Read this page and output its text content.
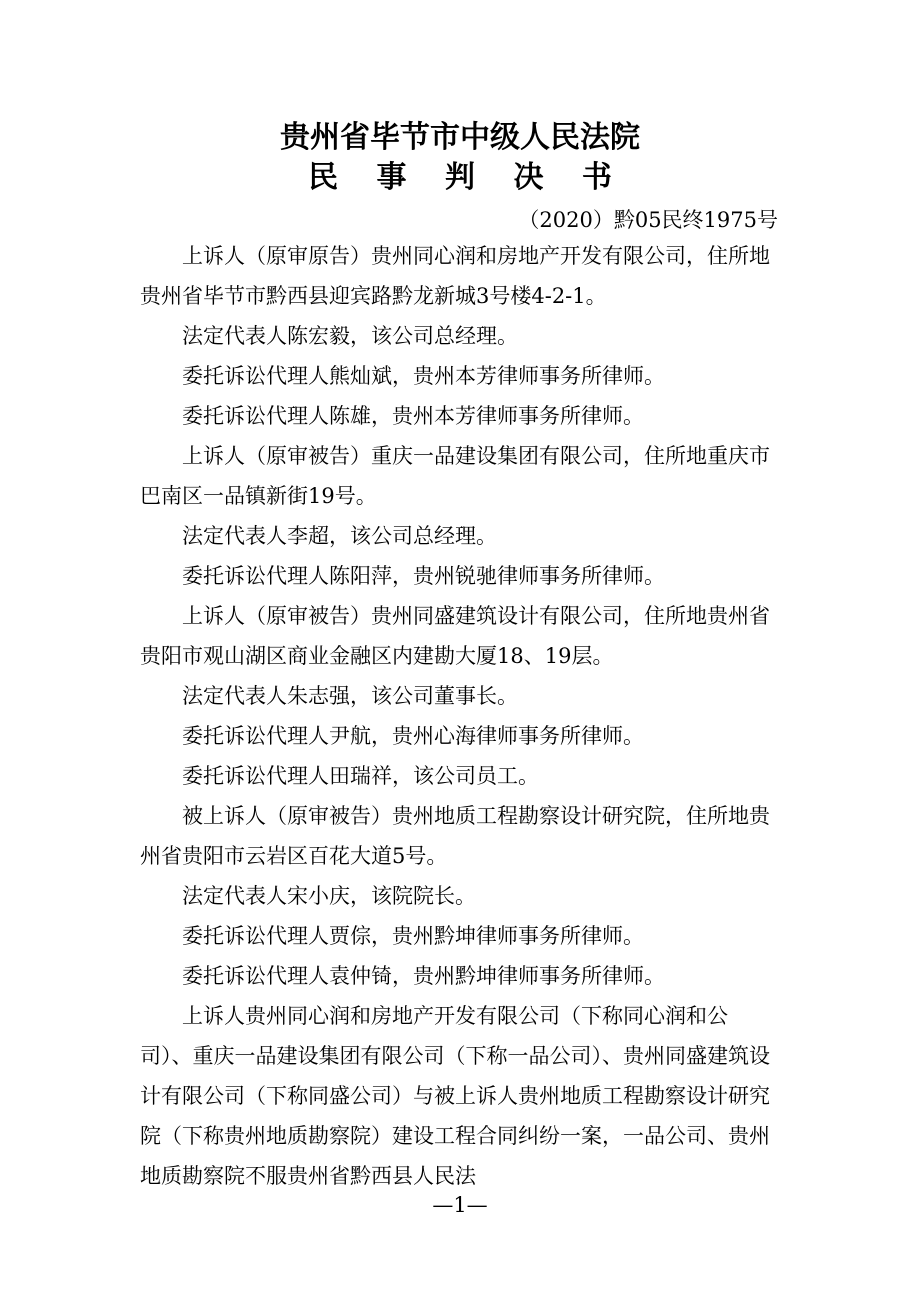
贵州省毕节市中级人民法院
民 事 判 决 书
（2020）黔05民终1975号

上诉人（原审原告）贵州同心润和房地产开发有限公司，住所地贵州省毕节市黔西县迎宾路黔龙新城3号楼4-2-1。

法定代表人陈宏毅，该公司总经理。

委托诉讼代理人熊灿斌，贵州本芳律师事务所律师。

委托诉讼代理人陈雄，贵州本芳律师事务所律师。

上诉人（原审被告）重庆一品建设集团有限公司，住所地重庆市巴南区一品镇新街19号。

法定代表人李超，该公司总经理。

委托诉讼代理人陈阳萍，贵州锐驰律师事务所律师。

上诉人（原审被告）贵州同盛建筑设计有限公司，住所地贵州省贵阳市观山湖区商业金融区内建勘大厦18、19层。

法定代表人朱志强，该公司董事长。

委托诉讼代理人尹航，贵州心海律师事务所律师。

委托诉讼代理人田瑞祥，该公司员工。

被上诉人（原审被告）贵州地质工程勘察设计研究院，住所地贵州省贵阳市云岩区百花大道5号。

法定代表人宋小庆，该院院长。

委托诉讼代理人贾倧，贵州黔坤律师事务所律师。

委托诉讼代理人袁仲锜，贵州黔坤律师事务所律师。

上诉人贵州同心润和房地产开发有限公司（下称同心润和公司）、重庆一品建设集团有限公司（下称一品公司）、贵州同盛建筑设计有限公司（下称同盛公司）与被上诉人贵州地质工程勘察设计研究院（下称贵州地质勘察院）建设工程合同纠纷一案，一品公司、贵州地质勘察院不服贵州省黔西县人民法

—1—
